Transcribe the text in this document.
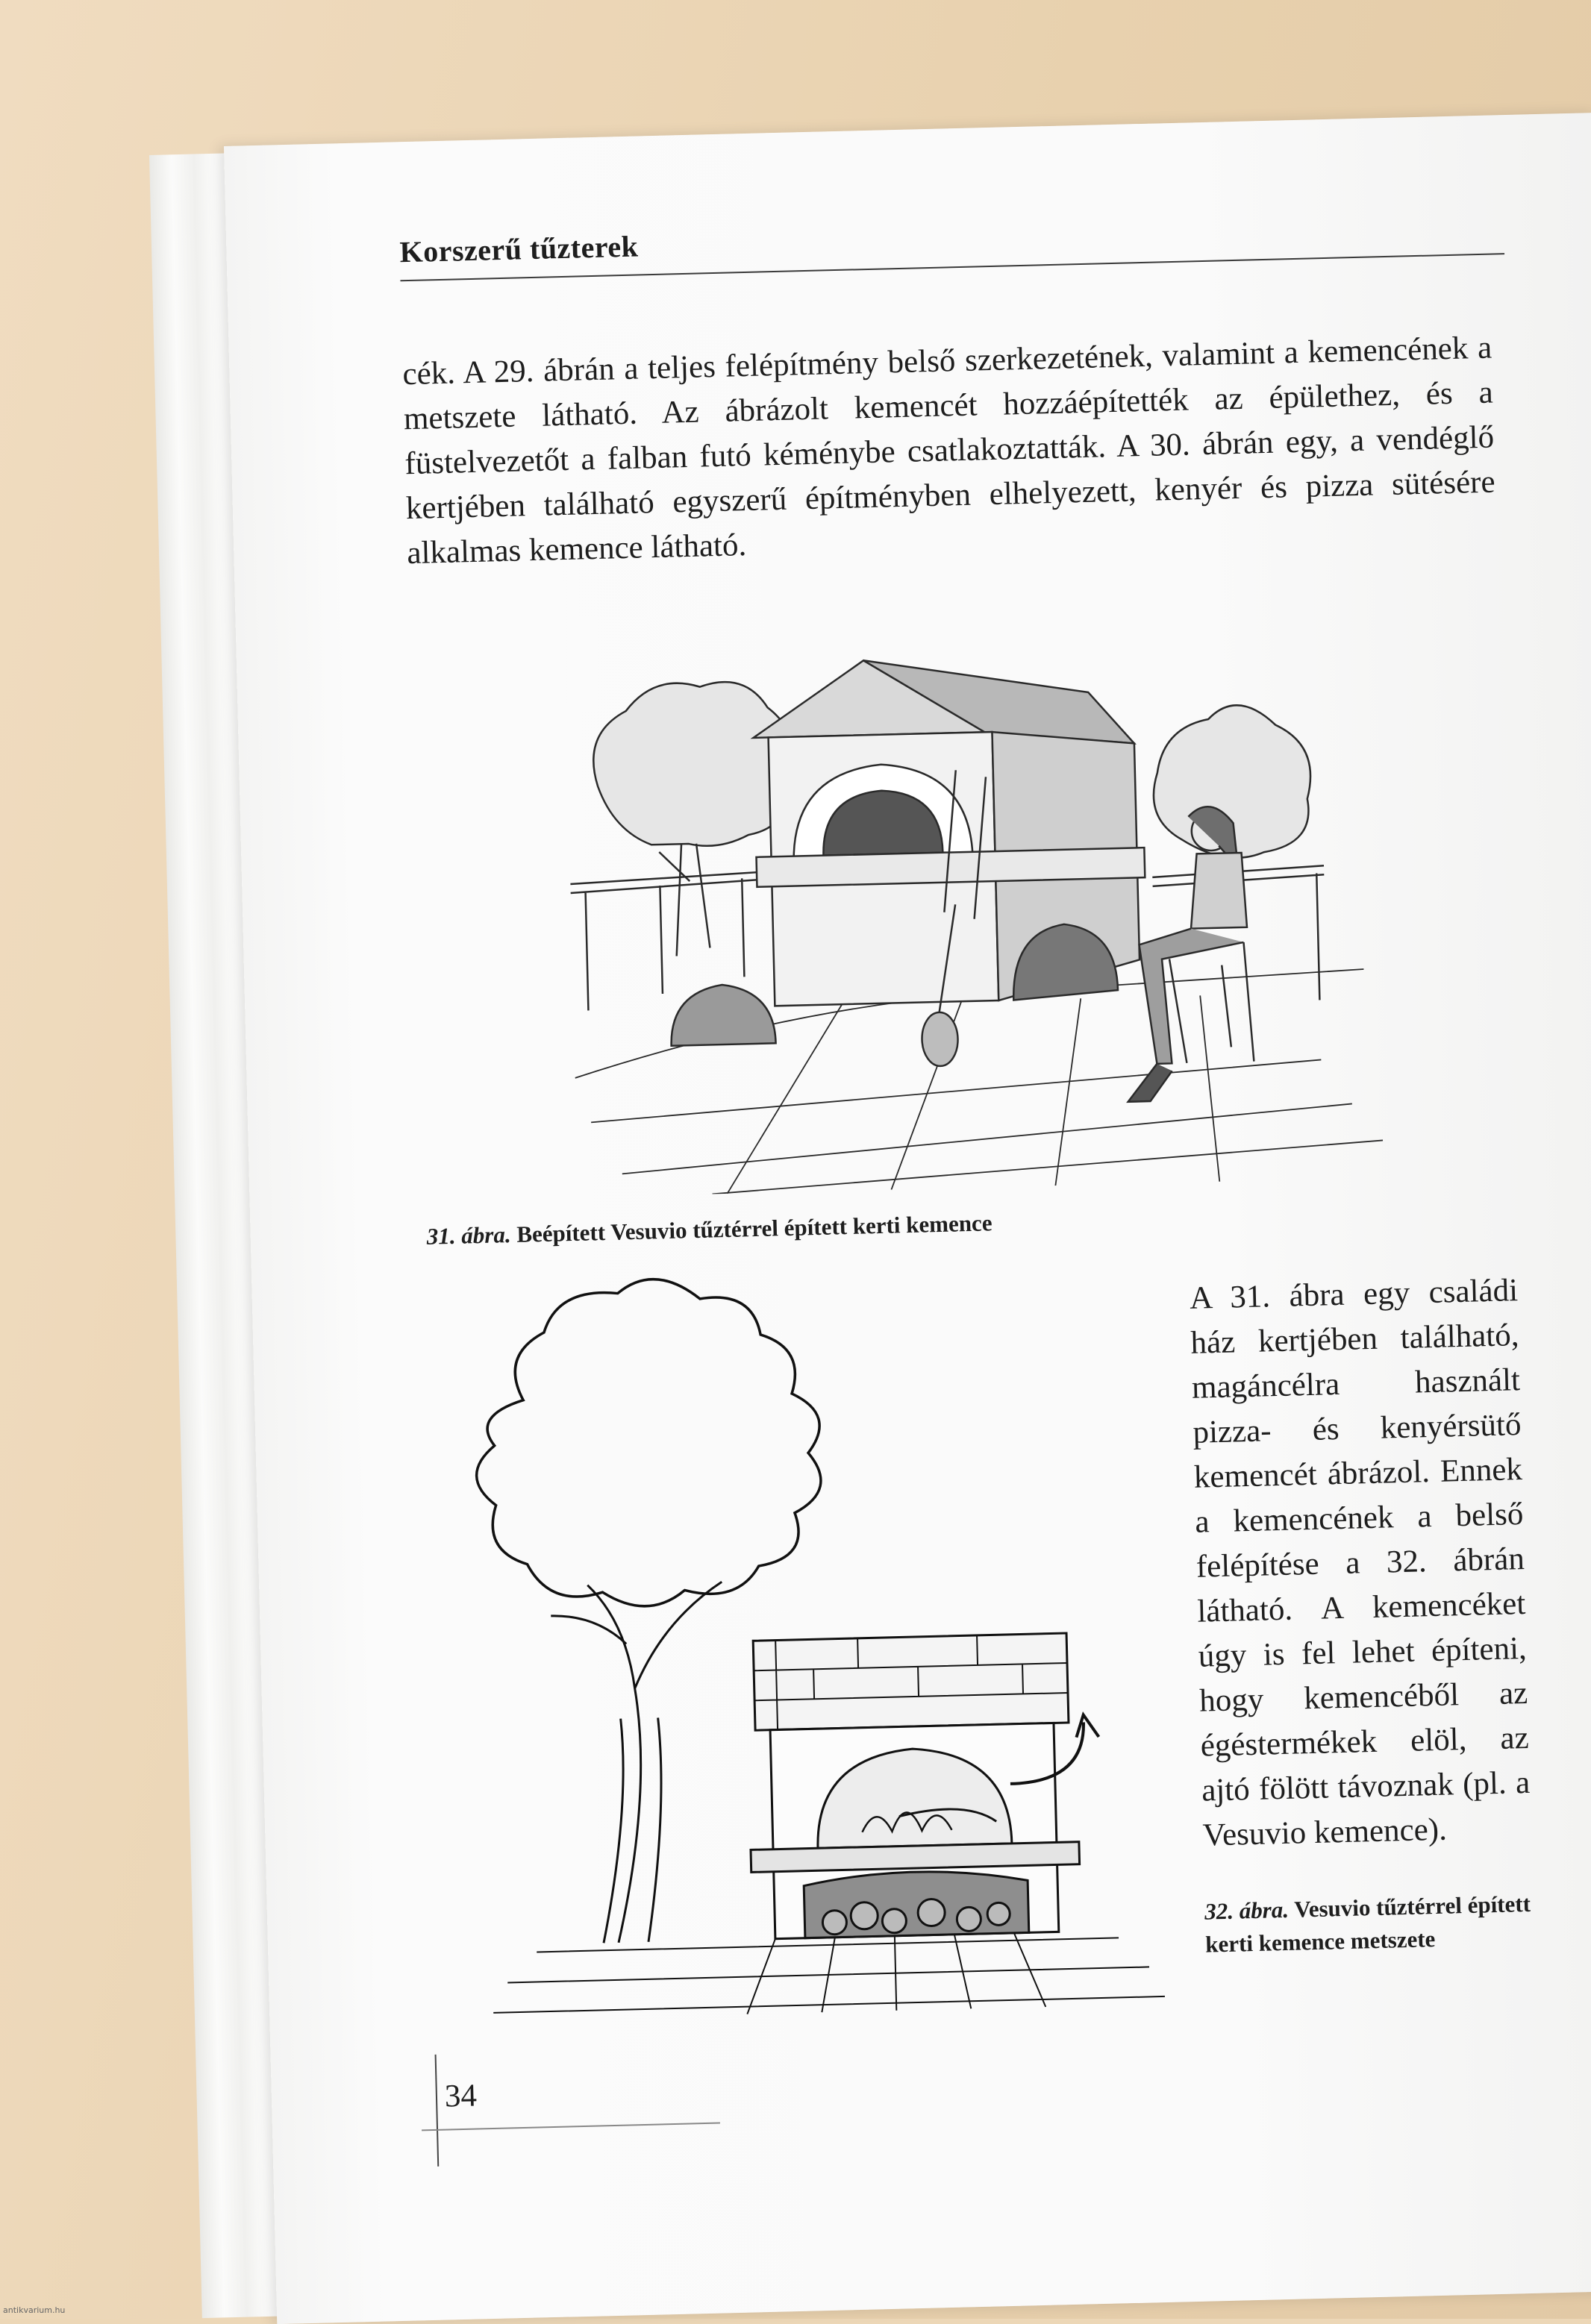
Korszerű tűzterek

cék. A 29. ábrán a teljes felépítmény belső szerkezetének, valamint a kemencének a metszete látható. Az ábrázolt kemencét hozzáépítették az épülethez, és a füstelvezetőt a falban futó kéménybe csatlakoztatták. A 30. ábrán egy, a vendéglő kertjében található egyszerű építményben elhelyezett, kenyér és pizza sütésére alkalmas kemence látható.

31. ábra. Beépített Vesuvio tűztérrel épített kerti kemence

A 31. ábra egy családi ház kertjében található, magáncélra használt pizza- és kenyérsütő kemencét ábrázol. Ennek a kemencének a belső felépítése a 32. ábrán látható. A kemencéket úgy is fel lehet építeni, hogy kemencéből az égéstermékek elöl, az ajtó fölött távoznak (pl. a Vesuvio kemence).

32. ábra. Vesuvio tűztérrel épített kerti kemence metszete
34
antikvarium.hu
